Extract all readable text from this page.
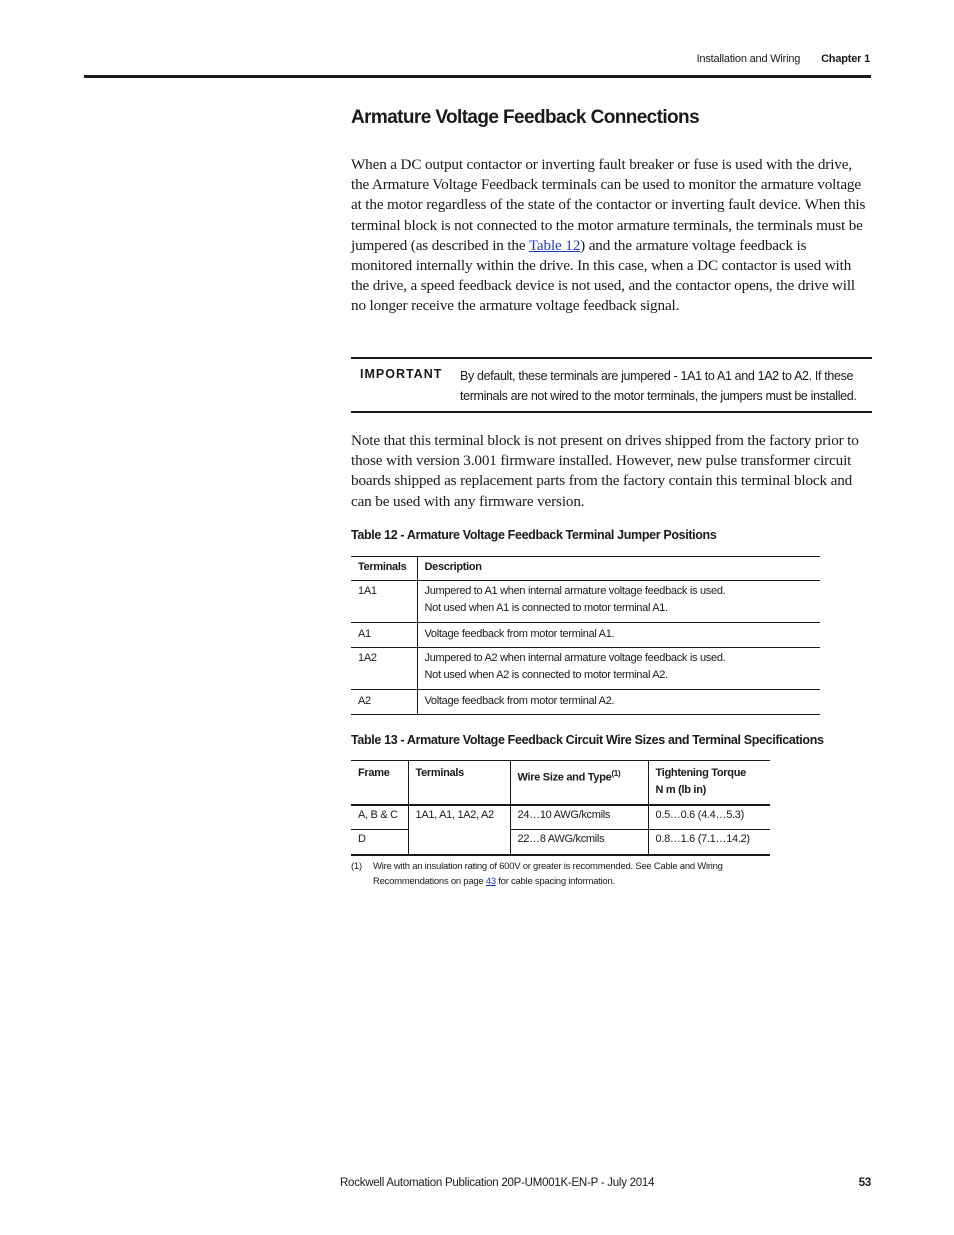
Installation and Wiring Chapter 1
Armature Voltage Feedback Connections

When a DC output contactor or inverting fault breaker or fuse is used with the drive, the Armature Voltage Feedback terminals can be used to monitor the armature voltage at the motor regardless of the state of the contactor or inverting fault device. When this terminal block is not connected to the motor armature terminals, the terminals must be jumpered (as described in the Table 12) and the armature voltage feedback is monitored internally within the drive. In this case, when a DC contactor is used with the drive, a speed feedback device is not used, and the contactor opens, the drive will no longer receive the armature voltage feedback signal.

IMPORTANT By default, these terminals are jumpered - 1A1 to A1 and 1A2 to A2. If these terminals are not wired to the motor terminals, the jumpers must be installed.

Note that this terminal block is not present on drives shipped from the factory prior to those with version 3.001 firmware installed. However, new pulse transformer circuit boards shipped as replacement parts from the factory contain this terminal block and can be used with any firmware version.

Table 12 - Armature Voltage Feedback Terminal Jumper Positions
Terminals	Description
1A1	Jumpered to A1 when internal armature voltage feedback is used.
Not used when A1 is connected to motor terminal A1.

A1	Voltage feedback from motor terminal A1.
1A2	Jumpered to A2 when internal armature voltage feedback is used.
Not used when A2 is connected to motor terminal A2.

A2	Voltage feedback from motor terminal A2.
Table 13 - Armature Voltage Feedback Circuit Wire Sizes and Terminal Specifications
Frame	Terminals	Wire Size and Type$^{(1)}$	Tightening Torque
N m (lb in)

A, B & C	1A1, A1, 1A2, A2	24…10 AWG/kcmils	0.5…0.6 (4.4…5.3)
D		22…8 AWG/kcmils	0.8…1.6 (7.1…14.2)
(1) Wire with an insulation rating of 600V or greater is recommended. See Cable and Wiring Recommendations on page 43 for cable spacing information.
Rockwell Automation Publication 20P-UM001K-EN-P - July 2014	53
